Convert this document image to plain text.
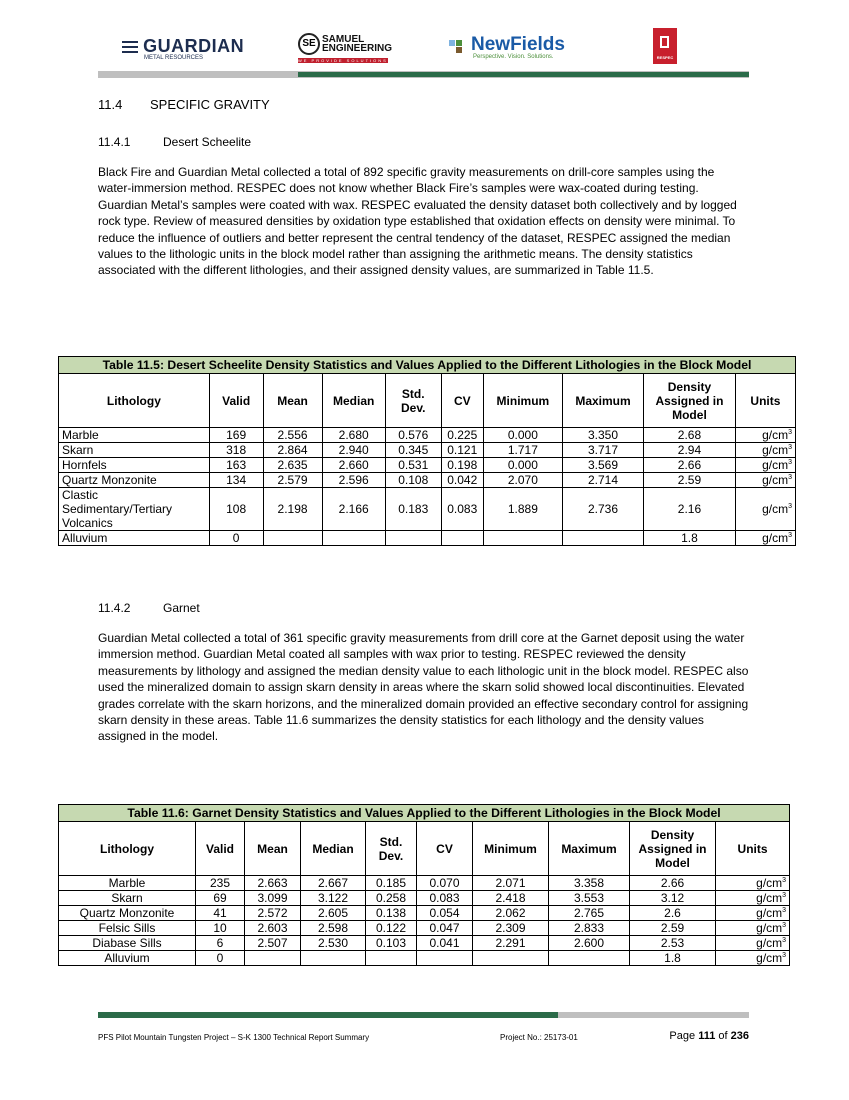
GUARDIAN
METAL RESOURCES
SE SAMUEL
ENGINEERING
WE PROVIDE SOLUTIONS
NewFields
Perspective. Vision. Solutions.	RESPEC
11.4 SPECIFIC GRAVITY
11.4.1	Desert Scheelite

Black Fire and Guardian Metal collected a total of 892 specific gravity measurements on drill-core samples using the water-immersion method. RESPEC does not know whether Black Fire’s samples were wax-coated during testing. Guardian Metal’s samples were coated with wax. RESPEC evaluated the density dataset both collectively and by logged rock type. Review of measured densities by oxidation type established that oxidation effects on density were minimal. To reduce the influence of outliers and better represent the central tendency of the dataset, RESPEC assigned the median values to the lithologic units in the block model rather than assigning the arithmetic means. The density statistics associated with the different lithologies, and their assigned density values, are summarized in Table 11.5.

Table 11.5: Desert Scheelite Density Statistics and Values Applied to the Different Lithologies in the Block Model									
Lithology	Valid	Mean	Median	Std. Dev.	CV	Minimum	Maximum	Density Assigned in Model	Units
Marble	169	2.556	2.680	0.576	0.225	0.000	3.350	2.68	$g/cm^3$
Skarn	318	2.864	2.940	0.345	0.121	1.717	3.717	2.94	$g/cm^3$
Hornfels	163	2.635	2.660	0.531	0.198	0.000	3.569	2.66	$g/cm^3$
Quartz Monzonite	134	2.579	2.596	0.108	0.042	2.070	2.714	2.59	$g/cm^3$
Clastic Sedimentary/Tertiary Volcanics	108	2.198	2.166	0.183	0.083	1.889	2.736	2.16	$g/cm^3$
Alluvium	0							1.8	$g/cm^3$
11.4.2	Garnet

Guardian Metal collected a total of 361 specific gravity measurements from drill core at the Garnet deposit using the water immersion method. Guardian Metal coated all samples with wax prior to testing. RESPEC reviewed the density measurements by lithology and assigned the median density value to each lithologic unit in the block model. RESPEC also used the mineralized domain to assign skarn density in areas where the skarn solid showed local discontinuities. Elevated grades correlate with the skarn horizons, and the mineralized domain provided an effective secondary control for assigning skarn density in these areas. Table 11.6 summarizes the density statistics for each lithology and the density values assigned in the model.

Table 11.6: Garnet Density Statistics and Values Applied to the Different Lithologies in the Block Model									
Lithology	Valid	Mean	Median	Std. Dev.	CV	Minimum	Maximum	Density Assigned in Model	Units
Marble	235	2.663	2.667	0.185	0.070	2.071	3.358	2.66	$g/cm^3$
Skarn	69	3.099	3.122	0.258	0.083	2.418	3.553	3.12	$g/cm^3$
Quartz Monzonite	41	2.572	2.605	0.138	0.054	2.062	2.765	2.6	$g/cm^3$
Felsic Sills	10	2.603	2.598	0.122	0.047	2.309	2.833	2.59	$g/cm^3$
Diabase Sills	6	2.507	2.530	0.103	0.041	2.291	2.600	2.53	$g/cm^3$
Alluvium	0							1.8	$g/cm^3$
PFS Pilot Mountain Tungsten Project – S-K 1300 Technical Report Summary	Project No.: 25173-01	Page 111 of 236
